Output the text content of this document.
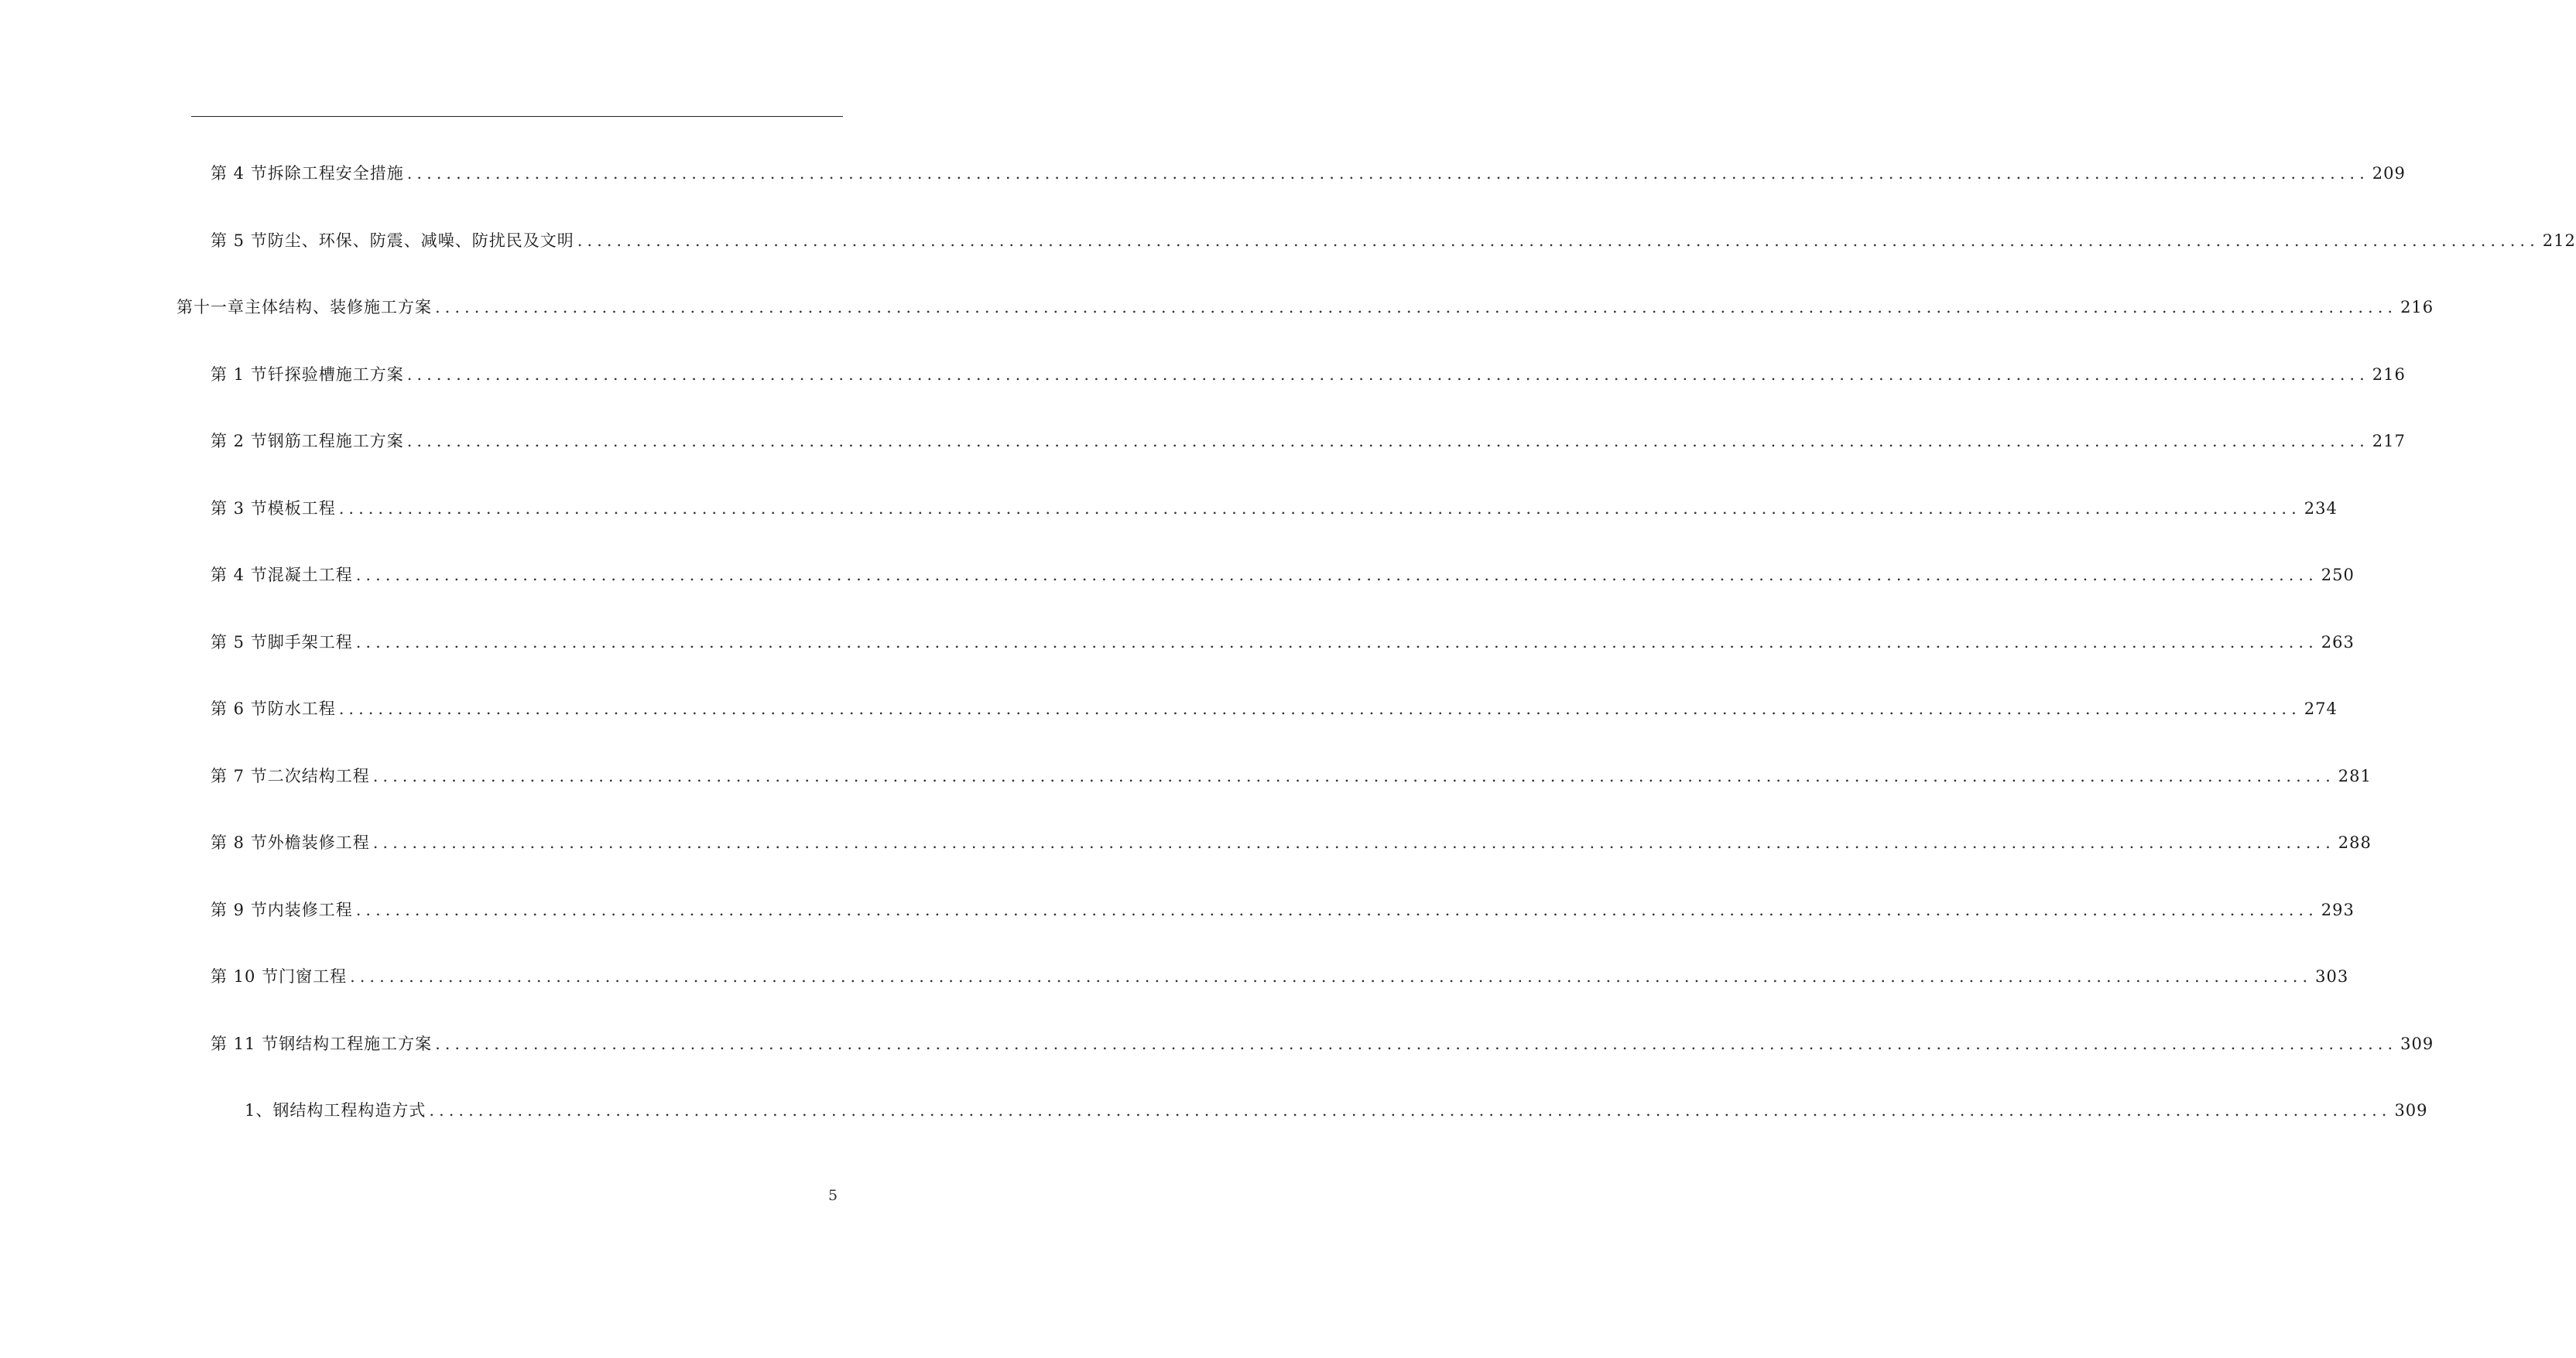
第 4 节 拆除工程安全措施 ........................................................................................................................................................................................................ 209
第 5 节 防尘、环保、防震、减噪、防扰民及文明 ........................................................................................................................................................................................................ 212
第十一章 主体结构、装修施工方案 ........................................................................................................................................................................................................ 216
第 1 节 钎探验槽施工方案 ........................................................................................................................................................................................................ 216
第 2 节 钢筋工程施工方案 ........................................................................................................................................................................................................ 217
第 3 节 模板工程 ........................................................................................................................................................................................................ 234
第 4 节 混凝土工程 ........................................................................................................................................................................................................ 250
第 5 节 脚手架工程 ........................................................................................................................................................................................................ 263
第 6 节 防水工程 ........................................................................................................................................................................................................ 274
第 7 节 二次结构工程 ........................................................................................................................................................................................................ 281
第 8 节 外檐装修工程 ........................................................................................................................................................................................................ 288
第 9 节 内装修工程 ........................................................................................................................................................................................................ 293
第 10 节 门窗工程 ........................................................................................................................................................................................................ 303
第 11 节 钢结构工程施工方案 ........................................................................................................................................................................................................ 309
1、 钢结构工程构造方式 ........................................................................................................................................................................................................ 309
5
